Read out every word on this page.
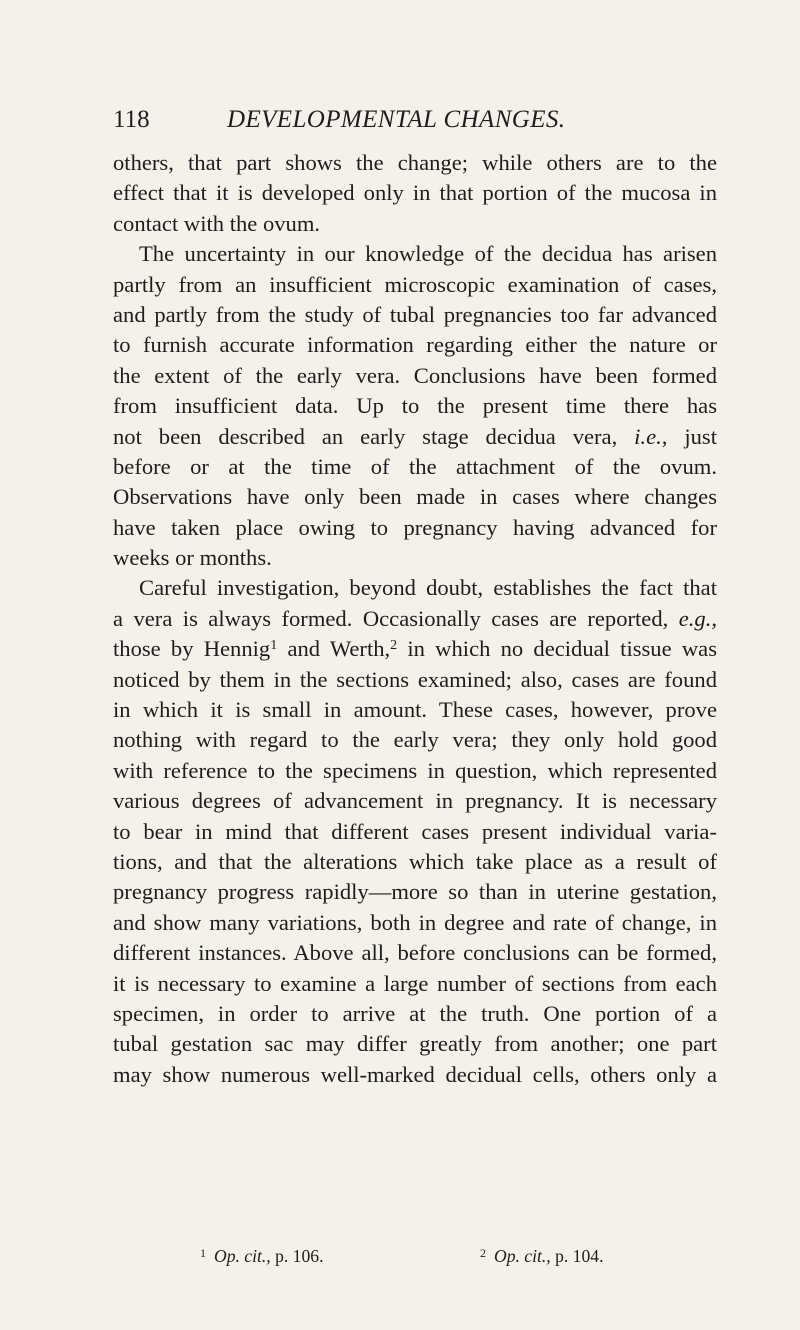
118	DEVELOPMENTAL CHANGES.
others, that part shows the change; while others are to the
effect that it is developed only in that portion of the mucosa in
contact with the ovum.
The uncertainty in our knowledge of the decidua has arisen
partly from an insufficient microscopic examination of cases,
and partly from the study of tubal pregnancies too far advanced
to furnish accurate information regarding either the nature or
the extent of the early vera. Conclusions have been formed
from insufficient data. Up to the present time there has
not been described an early stage decidua vera, i.e., just
before or at the time of the attachment of the ovum.
Observations have only been made in cases where changes
have taken place owing to pregnancy having advanced for
weeks or months.
Careful investigation, beyond doubt, establishes the fact that
a vera is always formed. Occasionally cases are reported, e.g.,
those by Hennig$^1$ and Werth,$^2$ in which no decidual tissue was
noticed by them in the sections examined; also, cases are found
in which it is small in amount. These cases, however, prove
nothing with regard to the early vera; they only hold good
with reference to the specimens in question, which represented
various degrees of advancement in pregnancy. It is necessary
to bear in mind that different cases present individual varia-
tions, and that the alterations which take place as a result of
pregnancy progress rapidly—more so than in uterine gestation,
and show many variations, both in degree and rate of change, in
different instances. Above all, before conclusions can be formed,
it is necessary to examine a large number of sections from each
specimen, in order to arrive at the truth. One portion of a
tubal gestation sac may differ greatly from another; one part
may show numerous well-marked decidual cells, others only a
$^1$ Op. cit., p. 106.	$^2$ Op. cit., p. 104.
